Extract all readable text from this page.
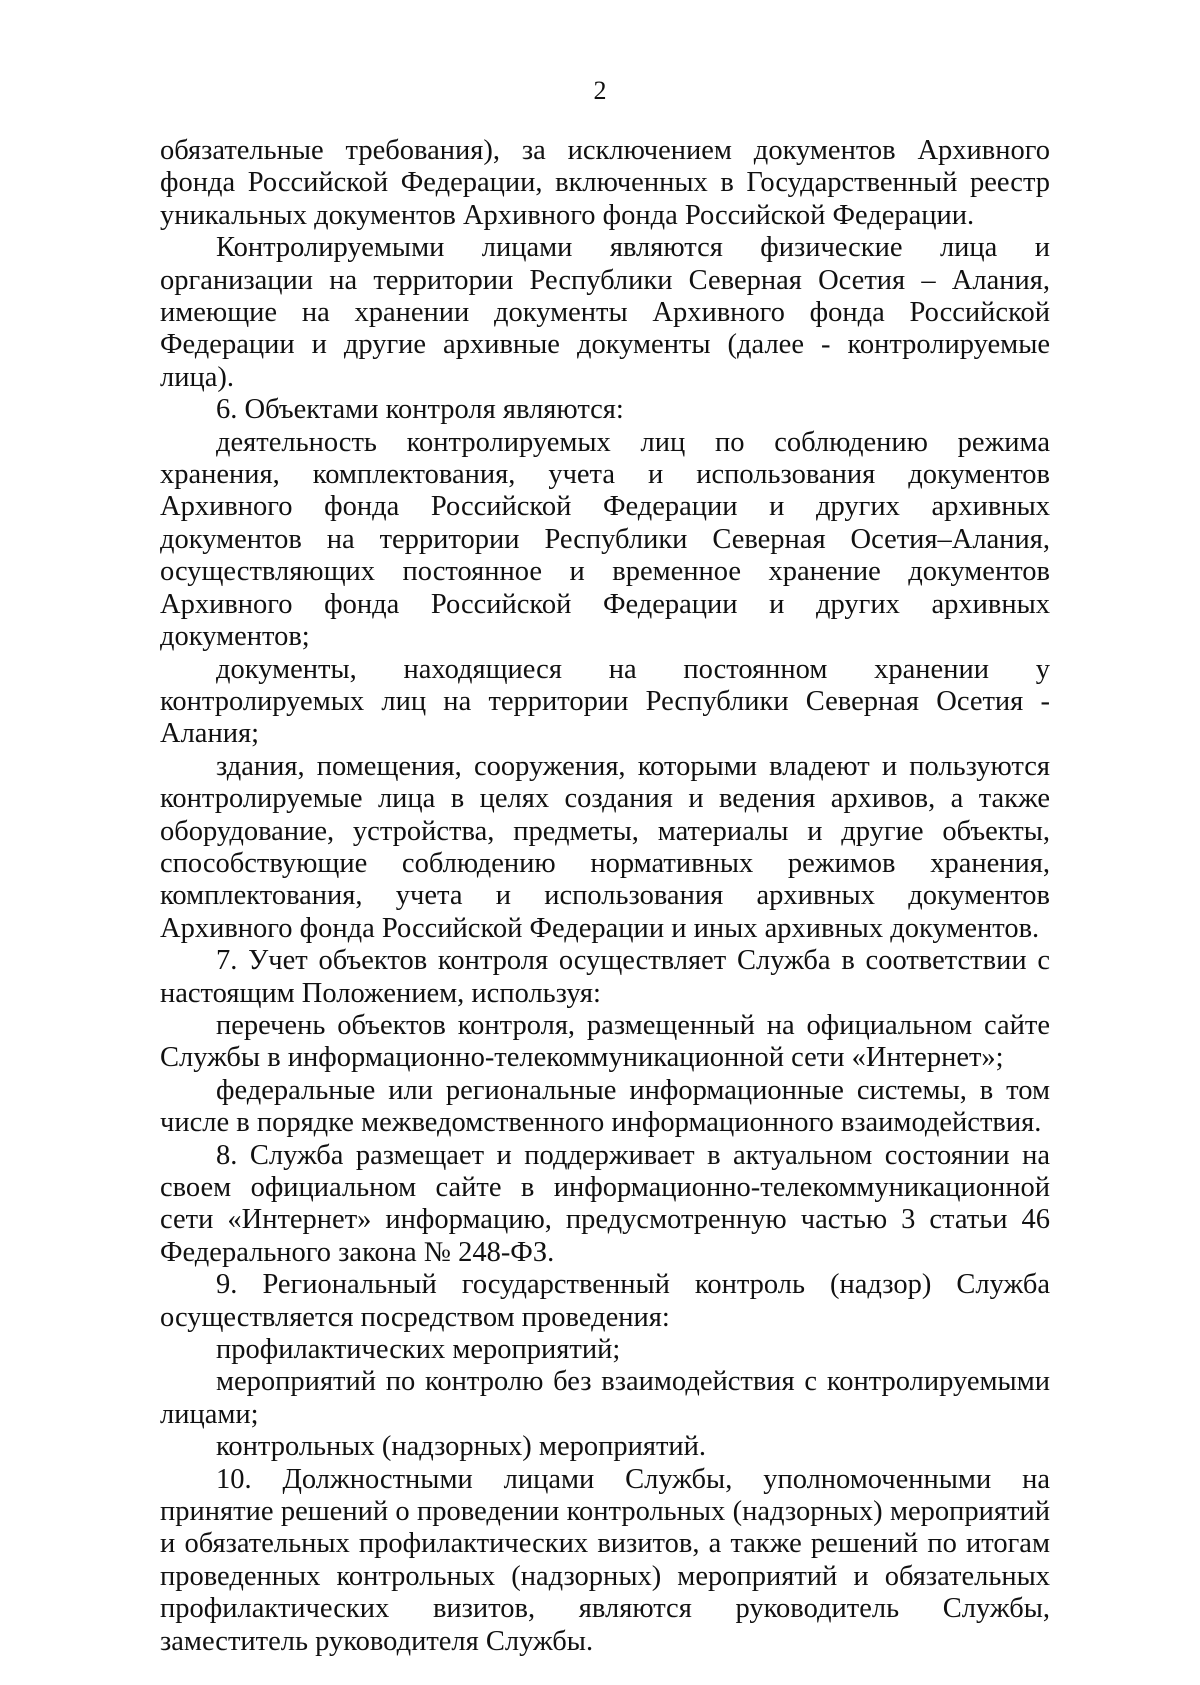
2

обязательные требования), за исключением документов Архивного фонда Российской Федерации, включенных в Государственный реестр уникальных документов Архивного фонда Российской Федерации.

Контролируемыми лицами являются физические лица и организации на территории Республики Северная Осетия – Алания, имеющие на хранении документы Архивного фонда Российской Федерации и другие архивные документы (далее - контролируемые лица).

6. Объектами контроля являются:

деятельность контролируемых лиц по соблюдению режима хранения, комплектования, учета и использования документов Архивного фонда Российской Федерации и других архивных документов на территории Республики Северная Осетия–Алания, осуществляющих постоянное и временное хранение документов Архивного фонда Российской Федерации и других архивных документов;

документы, находящиеся на постоянном хранении у контролируемых лиц на территории Республики Северная Осетия - Алания;

здания, помещения, сооружения, которыми владеют и пользуются контролируемые лица в целях создания и ведения архивов, а также оборудование, устройства, предметы, материалы и другие объекты, способствующие соблюдению нормативных режимов хранения, комплектования, учета и использования архивных документов Архивного фонда Российской Федерации и иных архивных документов.

7. Учет объектов контроля осуществляет Служба в соответствии с настоящим Положением, используя:

перечень объектов контроля, размещенный на официальном сайте Службы в информационно-телекоммуникационной сети «Интернет»;

федеральные или региональные информационные системы, в том числе в порядке межведомственного информационного взаимодействия.

8. Служба размещает и поддерживает в актуальном состоянии на своем официальном сайте в информационно-телекоммуникационной сети «Интернет» информацию, предусмотренную частью 3 статьи 46 Федерального закона № 248-ФЗ.

9. Региональный государственный контроль (надзор) Служба осуществляется посредством проведения:

профилактических мероприятий;

мероприятий по контролю без взаимодействия с контролируемыми лицами;

контрольных (надзорных) мероприятий.

10. Должностными лицами Службы, уполномоченными на принятие решений о проведении контрольных (надзорных) мероприятий и обязательных профилактических визитов, а также решений по итогам проведенных контрольных (надзорных) мероприятий и обязательных профилактических визитов, являются руководитель Службы, заместитель руководителя Службы.
